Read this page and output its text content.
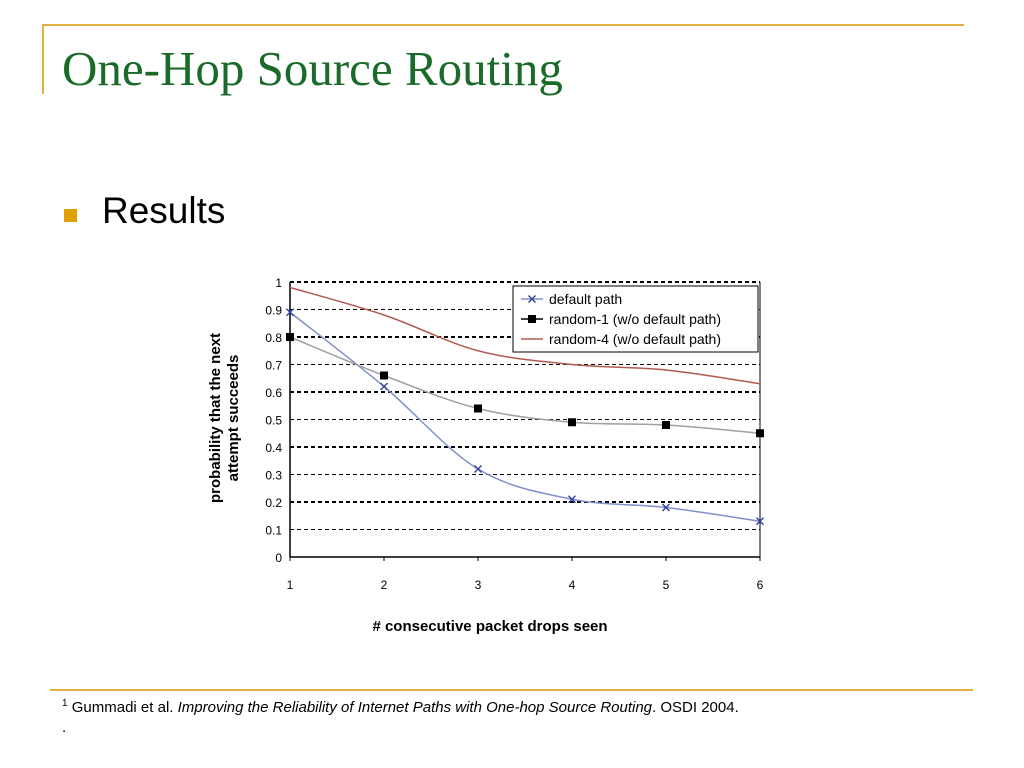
One-Hop Source Routing
Results
0
0.1
0.2
0.3
0.4
0.5
0.6
0.7
0.8
0.9
1
1	2	3	4	5	6
default path
random-1 (w/o default path)
random-4 (w/o default path)
# consecutive packet drops seen
probability that the next attempt succeeds
$^1$ Gummadi et al. Improving the Reliability of Internet Paths with One-hop Source Routing. OSDI 2004.
.
